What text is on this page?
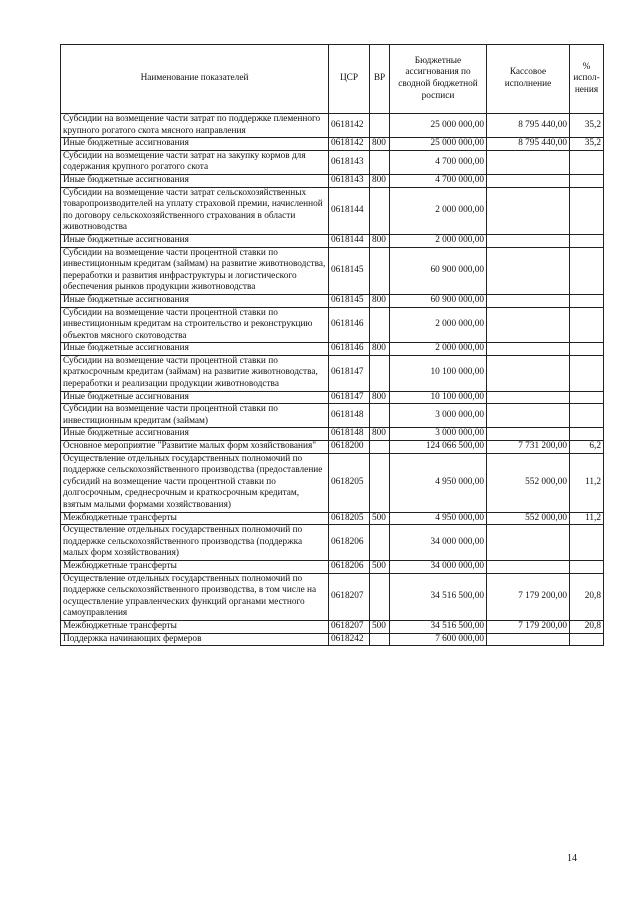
Наименование показателей	ЦСР	ВР	Бюджетные ассигнования по сводной бюджетной росписи	Кассовое исполнение	% испол-нения
Субсидии на возмещение части затрат по поддержке племенного крупного рогатого скота мясного направления	0618142		25 000 000,00	8 795 440,00	35,2
Иные бюджетные ассигнования	0618142	800	25 000 000,00	8 795 440,00	35,2
Субсидии на возмещение части затрат на закупку кормов для содержания крупного рогатого скота	0618143		4 700 000,00		
Иные бюджетные ассигнования	0618143	800	4 700 000,00		
Субсидии на возмещение части затрат сельскохозяйственных товаропроизводителей на уплату страховой премии, начисленной по договору сельскохозяйственного страхования в области животноводства	0618144		2 000 000,00		
Иные бюджетные ассигнования	0618144	800	2 000 000,00		
Субсидии на возмещение части процентной ставки по инвестиционным кредитам (займам) на развитие животноводства, переработки и развития инфраструктуры и логистического обеспечения рынков продукции животноводства	0618145		60 900 000,00		
Иные бюджетные ассигнования	0618145	800	60 900 000,00		
Субсидии на возмещение части процентной ставки по инвестиционным кредитам на строительство и реконструкцию объектов мясного скотоводства	0618146		2 000 000,00		
Иные бюджетные ассигнования	0618146	800	2 000 000,00		
Субсидии на возмещение части процентной ставки по краткосрочным кредитам (займам) на развитие животноводства, переработки и реализации продукции животноводства	0618147		10 100 000,00		
Иные бюджетные ассигнования	0618147	800	10 100 000,00		
Субсидии на возмещение части процентной ставки по инвестиционным кредитам (займам)	0618148		3 000 000,00		
Иные бюджетные ассигнования	0618148	800	3 000 000,00		
Основное мероприятие "Развитие малых форм хозяйствования"	0618200		124 066 500,00	7 731 200,00	6,2
Осуществление отдельных государственных полномочий по поддержке сельскохозяйственного производства (предоставление субсидий на возмещение части процентной ставки по долгосрочным, среднесрочным и краткосрочным кредитам, взятым малыми формами хозяйствования)	0618205		4 950 000,00	552 000,00	11,2
Межбюджетные трансферты	0618205	500	4 950 000,00	552 000,00	11,2
Осуществление отдельных государственных полномочий по поддержке сельскохозяйственного производства (поддержка малых форм хозяйствования)	0618206		34 000 000,00		
Межбюджетные трансферты	0618206	500	34 000 000,00		
Осуществление отдельных государственных полномочий по поддержке сельскохозяйственного производства, в том числе на осуществление управленческих функций органами местного самоуправления	0618207		34 516 500,00	7 179 200,00	20,8
Межбюджетные трансферты	0618207	500	34 516 500,00	7 179 200,00	20,8
Поддержка начинающих фермеров	0618242		7 600 000,00		
14
